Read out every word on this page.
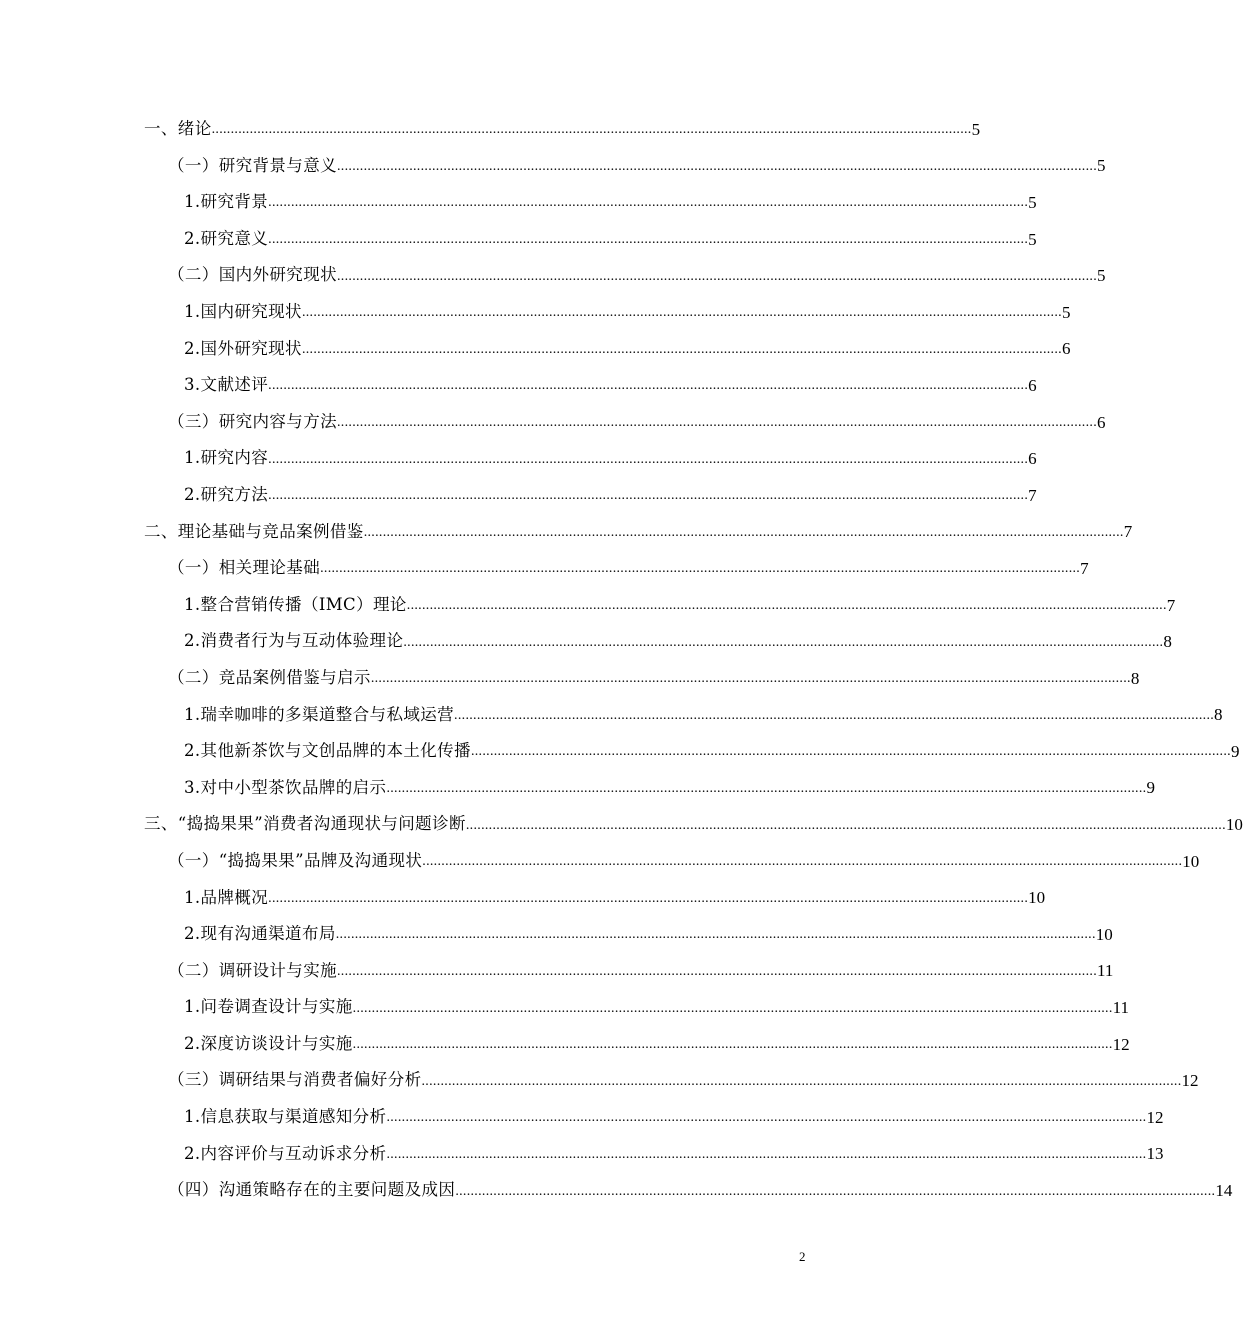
一、绪论 ........................................................................................................................................................................................................ 5
（一）研究背景与意义 ........................................................................................................................................................................................................ 5
1.研究背景 ........................................................................................................................................................................................................ 5
2.研究意义 ........................................................................................................................................................................................................ 5
（二）国内外研究现状 ........................................................................................................................................................................................................ 5
1.国内研究现状 ........................................................................................................................................................................................................ 5
2.国外研究现状 ........................................................................................................................................................................................................ 6
3.文献述评 ........................................................................................................................................................................................................ 6
（三）研究内容与方法 ........................................................................................................................................................................................................ 6
1.研究内容 ........................................................................................................................................................................................................ 6
2.研究方法 ........................................................................................................................................................................................................ 7
二、理论基础与竞品案例借鉴 ........................................................................................................................................................................................................ 7
（一）相关理论基础 ........................................................................................................................................................................................................ 7
1.整合营销传播（IMC）理论 ........................................................................................................................................................................................................ 7
2.消费者行为与互动体验理论 ........................................................................................................................................................................................................ 8
（二）竞品案例借鉴与启示 ........................................................................................................................................................................................................ 8
1.瑞幸咖啡的多渠道整合与私域运营 ........................................................................................................................................................................................................ 8
2.其他新茶饮与文创品牌的本土化传播 ........................................................................................................................................................................................................ 9
3.对中小型茶饮品牌的启示 ........................................................................................................................................................................................................ 9
三、“捣捣果果”消费者沟通现状与问题诊断 ........................................................................................................................................................................................................ 10
（一）“捣捣果果”品牌及沟通现状 ........................................................................................................................................................................................................ 10
1.品牌概况 ........................................................................................................................................................................................................ 10
2.现有沟通渠道布局 ........................................................................................................................................................................................................ 10
（二）调研设计与实施 ........................................................................................................................................................................................................ 11
1.问卷调查设计与实施 ........................................................................................................................................................................................................ 11
2.深度访谈设计与实施 ........................................................................................................................................................................................................ 12
（三）调研结果与消费者偏好分析 ........................................................................................................................................................................................................ 12
1.信息获取与渠道感知分析 ........................................................................................................................................................................................................ 12
2.内容评价与互动诉求分析 ........................................................................................................................................................................................................ 13
（四）沟通策略存在的主要问题及成因 ........................................................................................................................................................................................................ 14
2
